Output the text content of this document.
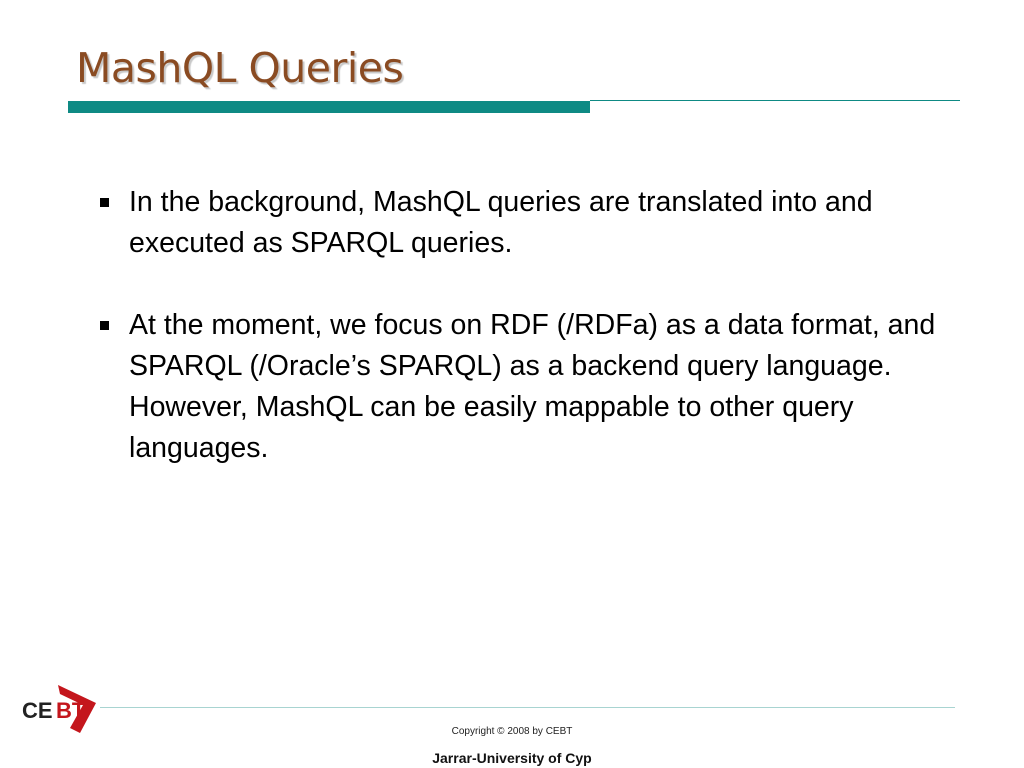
MashQL Queries
In the background, MashQL queries are translated into and executed as SPARQL queries.
At the moment, we focus on RDF (/RDFa) as a data format, and SPARQL (/Oracle’s SPARQL) as a backend query language. However, MashQL can be easily mappable to other query languages.
CE BT
Copyright © 2008 by CEBT
Jarrar-University of Cyp
